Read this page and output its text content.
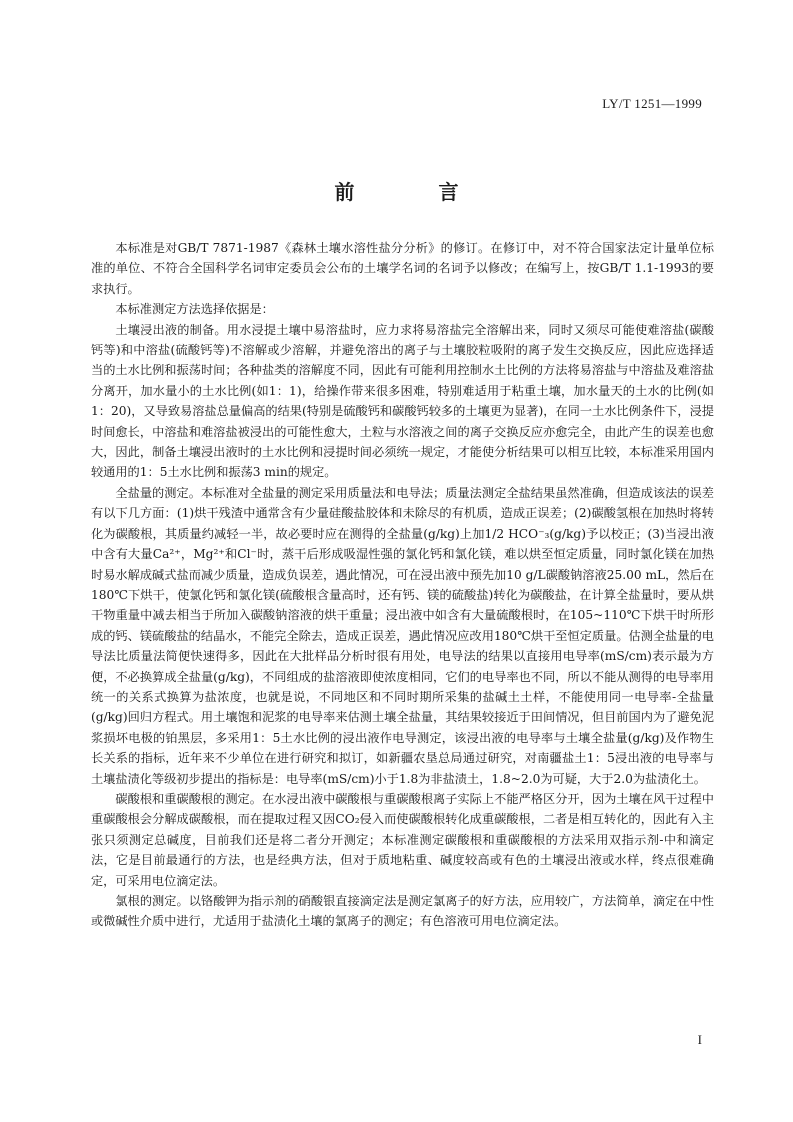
LY/T 1251—1999
前　言

本标准是对GB/T 7871-1987《森林土壤水溶性盐分分析》的修订。在修订中，对不符合国家法定计量单位标准的单位、不符合全国科学名词审定委员会公布的土壤学名词的名词予以修改；在编写上，按GB/T 1.1-1993的要求执行。

本标准测定方法选择依据是：

土壤浸出液的制备。用水浸提土壤中易溶盐时，应力求将易溶盐完全溶解出来，同时又须尽可能使难溶盐(碳酸钙等)和中溶盐(硫酸钙等)不溶解或少溶解，并避免溶出的离子与土壤胶粒吸附的离子发生交换反应，因此应选择适当的土水比例和振荡时间；各种盐类的溶解度不同，因此有可能利用控制水土比例的方法将易溶盐与中溶盐及难溶盐分离开，加水量小的土水比例(如1：1)，给操作带来很多困难，特别难适用于粘重土壤，加水量天的土水的比例(如1：20)，又导致易溶盐总量偏高的结果(特别是硫酸钙和碳酸钙较多的土壤更为显著)，在同一土水比例条件下，浸提时间愈长，中溶盐和难溶盐被浸出的可能性愈大，土粒与水溶液之间的离子交换反应亦愈完全，由此产生的误差也愈大，因此，制备土壤浸出液时的土水比例和浸提时间必须统一规定，才能使分析结果可以相互比较，本标准采用国内较通用的1：5土水比例和振荡3 min的规定。

全盐量的测定。本标准对全盐量的测定采用质量法和电导法；质量法测定全盐结果虽然准确，但造成该法的误差有以下几方面：(1)烘干残渣中通常含有少量硅酸盐胶体和未除尽的有机质，造成正误差；(2)碳酸氢根在加热时将转化为碳酸根，其质量约减轻一半，故必要时应在测得的全盐量(g/kg)上加1/2 HCO⁻₃(g/kg)予以校正；(3)当浸出液中含有大量Ca²⁺，Mg²⁺和Cl⁻时，蒸干后形成吸湿性强的氯化钙和氯化镁，难以烘至恒定质量，同时氯化镁在加热时易水解成碱式盐而减少质量，造成负误差，遇此情况，可在浸出液中预先加10 g/L碳酸钠溶液25.00 mL，然后在180℃下烘干，使氯化钙和氯化镁(硫酸根含量高时，还有钙、镁的硫酸盐)转化为碳酸盐，在计算全盐量时，要从烘干物重量中减去相当于所加入碳酸钠溶液的烘干重量；浸出液中如含有大量硫酸根时，在105~110℃下烘干时所形成的钙、镁硫酸盐的结晶水，不能完全除去，造成正误差，遇此情况应改用180℃烘干至恒定质量。估测全盐量的电导法比质量法简便快速得多，因此在大批样品分析时很有用处，电导法的结果以直接用电导率(mS/cm)表示最为方便，不必换算成全盐量(g/kg)，不同组成的盐溶液即使浓度相同，它们的电导率也不同，所以不能从测得的电导率用统一的关系式换算为盐浓度，也就是说，不同地区和不同时期所采集的盐碱土土样，不能使用同一电导率-全盐量(g/kg)回归方程式。用土壤饱和泥浆的电导率来估测土壤全盐量，其结果较接近于田间情况，但目前国内为了避免泥浆损坏电极的铂黑层，多采用1：5土水比例的浸出液作电导测定，该浸出液的电导率与土壤全盐量(g/kg)及作物生长关系的指标，近年来不少单位在进行研究和拟订，如新疆农垦总局通过研究，对南疆盐土1：5浸出液的电导率与土壤盐渍化等级初步提出的指标是：电导率(mS/cm)小于1.8为非盐渍土，1.8~2.0为可疑，大于2.0为盐渍化土。

碳酸根和重碳酸根的测定。在水浸出液中碳酸根与重碳酸根离子实际上不能严格区分开，因为土壤在风干过程中重碳酸根会分解成碳酸根，而在提取过程又因CO₂侵入而使碳酸根转化成重碳酸根，二者是相互转化的，因此有入主张只须测定总碱度，目前我们还是将二者分开测定；本标准测定碳酸根和重碳酸根的方法采用双指示剂-中和滴定法，它是目前最通行的方法，也是经典方法，但对于质地粘重、碱度较高或有色的土壤浸出液或水样，终点很难确定，可采用电位滴定法。

氯根的测定。以铬酸钾为指示剂的硝酸银直接滴定法是测定氯离子的好方法，应用较广，方法简单，滴定在中性或微碱性介质中进行，尤适用于盐渍化土壤的氯离子的测定；有色溶液可用电位滴定法。

I
